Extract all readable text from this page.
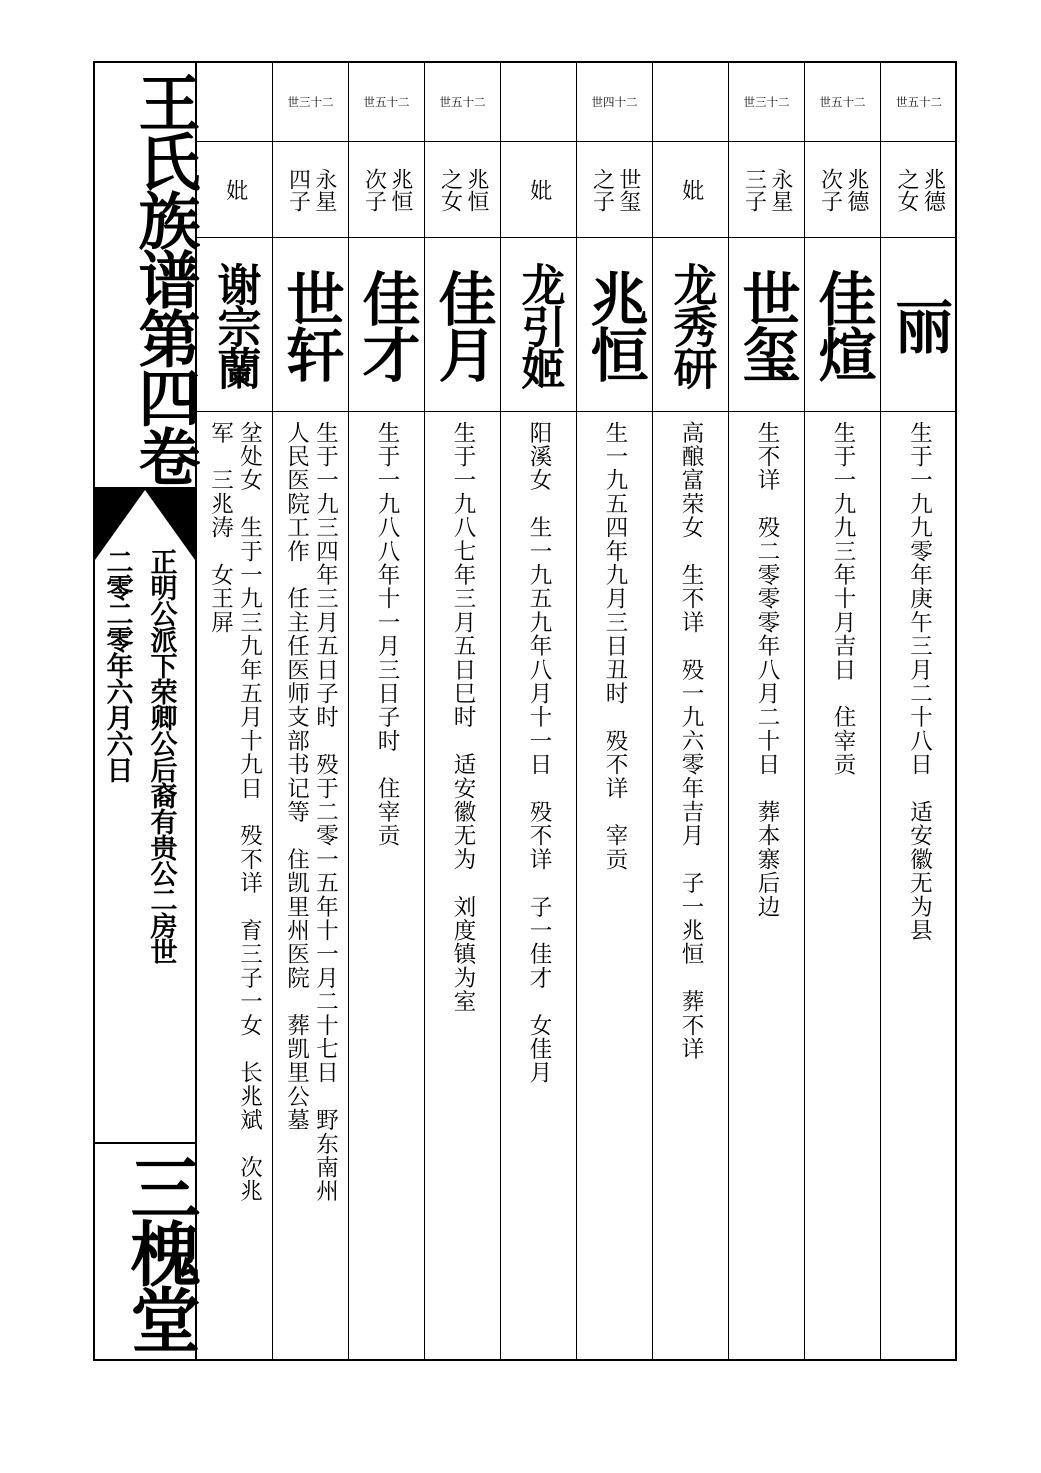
王氏族谱第四卷
正明公派下荣卿公后裔有贵公二房世
二零二零年六月六日
三槐堂
妣
谢宗蘭
坌处女　生于一九三九年五月十九日　殁不详　育三子一女　长兆斌　次兆
军　三兆涛　女王屏
世三十二
永星
四子
世轩
生于一九三四年三月五日子时　殁于二零一五年十一月二十七日　野东南州
人民医院工作　任主任医师支部书记等　住凯里州医院　葬凯里公墓
世五十二
兆恒
次子
佳才
生于一九八八年十一月三日子时　住宰贡
世五十二
兆恒
之女
佳月
生于一九八七年三月五日巳时　适安徽无为　刘度镇为室
妣
龙引姬
阳溪女　生一九五九年八月十一日　殁不详　子一佳才　女佳月
世四十二
世玺
之子
兆恒
生一九五四年九月三日丑时　殁不详　宰贡
妣
龙秀研
高酿富荣女　生不详　殁一九六零年吉月　子一兆恒　葬不详
世三十二
永星
三子
世玺
生不详　殁二零零零年八月二十日　葬本寨后边
世五十二
兆德
次子
佳煊
生于一九九三年十月吉日　住宰贡
世五十二
兆德
之女
丽
生于一九九零年庚午三月二十八日　适安徽无为县
